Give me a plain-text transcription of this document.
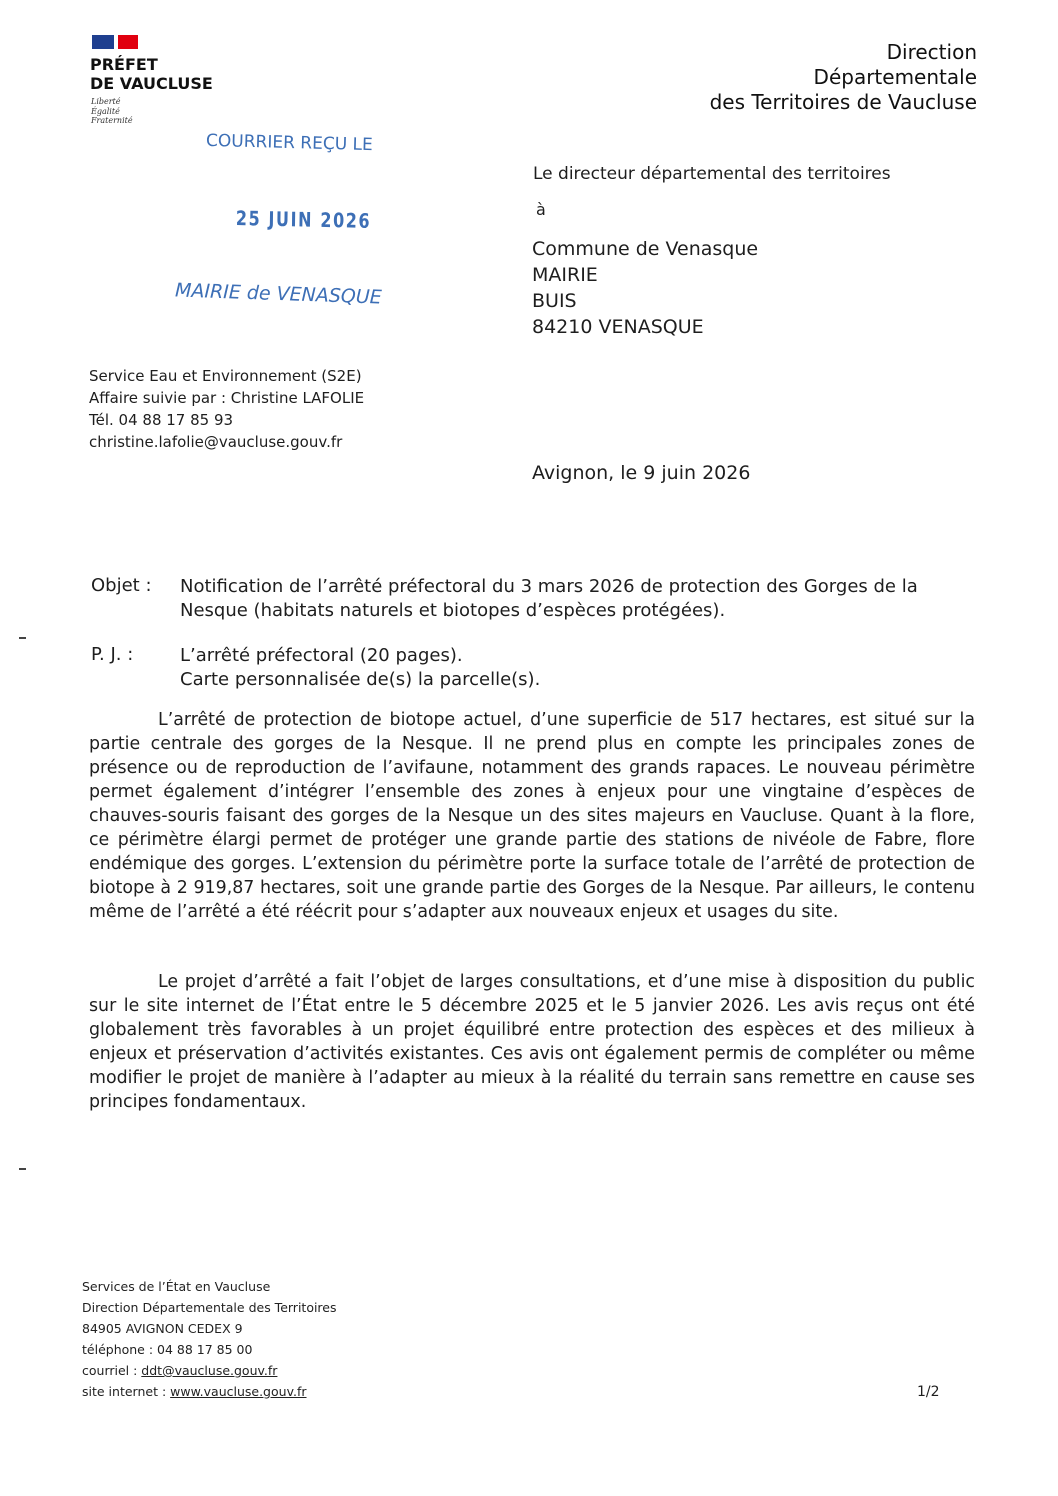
PRÉFET
DE VAUCLUSE
Liberté
Égalité
Fraternité
Direction
Départementale
des Territoires de Vaucluse
COURRIER REÇU LE
25 JUIN 2026
MAIRIE de VENASQUE
Le directeur départemental des territoires
à
Commune de Venasque
MAIRIE
BUIS
84210 VENASQUE
Service Eau et Environnement (S2E)
Affaire suivie par : Christine LAFOLIE
Tél. 04 88 17 85 93
christine.lafolie@vaucluse.gouv.fr
Avignon, le 9 juin 2026
Objet : Notification de l’arrêté préfectoral du 3 mars 2026 de protection des Gorges de la Nesque (habitats naturels et biotopes d’espèces protégées).
P. J. :	L’arrêté préfectoral (20 pages).
Carte personnalisée de(s) la parcelle(s).
L’arrêté de protection de biotope actuel, d’une superficie de 517 hectares, est situé sur la partie centrale des gorges de la Nesque. Il ne prend plus en compte les principales zones de présence ou de reproduction de l’avifaune, notamment des grands rapaces. Le nouveau périmètre permet également d’intégrer l’ensemble des zones à enjeux pour une vingtaine d’espèces de chauves-souris faisant des gorges de la Nesque un des sites majeurs en Vaucluse. Quant à la flore, ce périmètre élargi permet de protéger une grande partie des stations de nivéole de Fabre, flore endémique des gorges. L’extension du périmètre porte la surface totale de l’arrêté de protection de biotope à 2 919,87 hectares, soit une grande partie des Gorges de la Nesque. Par ailleurs, le contenu même de l’arrêté a été réécrit pour s’adapter aux nouveaux enjeux et usages du site.
Le projet d’arrêté a fait l’objet de larges consultations, et d’une mise à disposition du public sur le site internet de l’État entre le 5 décembre 2025 et le 5 janvier 2026. Les avis reçus ont été globalement très favorables à un projet équilibré entre protection des espèces et des milieux à enjeux et préservation d’activités existantes. Ces avis ont également permis de compléter ou même modifier le projet de manière à l’adapter au mieux à la réalité du terrain sans remettre en cause ses principes fondamentaux.
Services de l’État en Vaucluse
Direction Départementale des Territoires
84905 AVIGNON CEDEX 9
téléphone : 04 88 17 85 00
courriel : ddt@vaucluse.gouv.fr
site internet : www.vaucluse.gouv.fr	1/2
